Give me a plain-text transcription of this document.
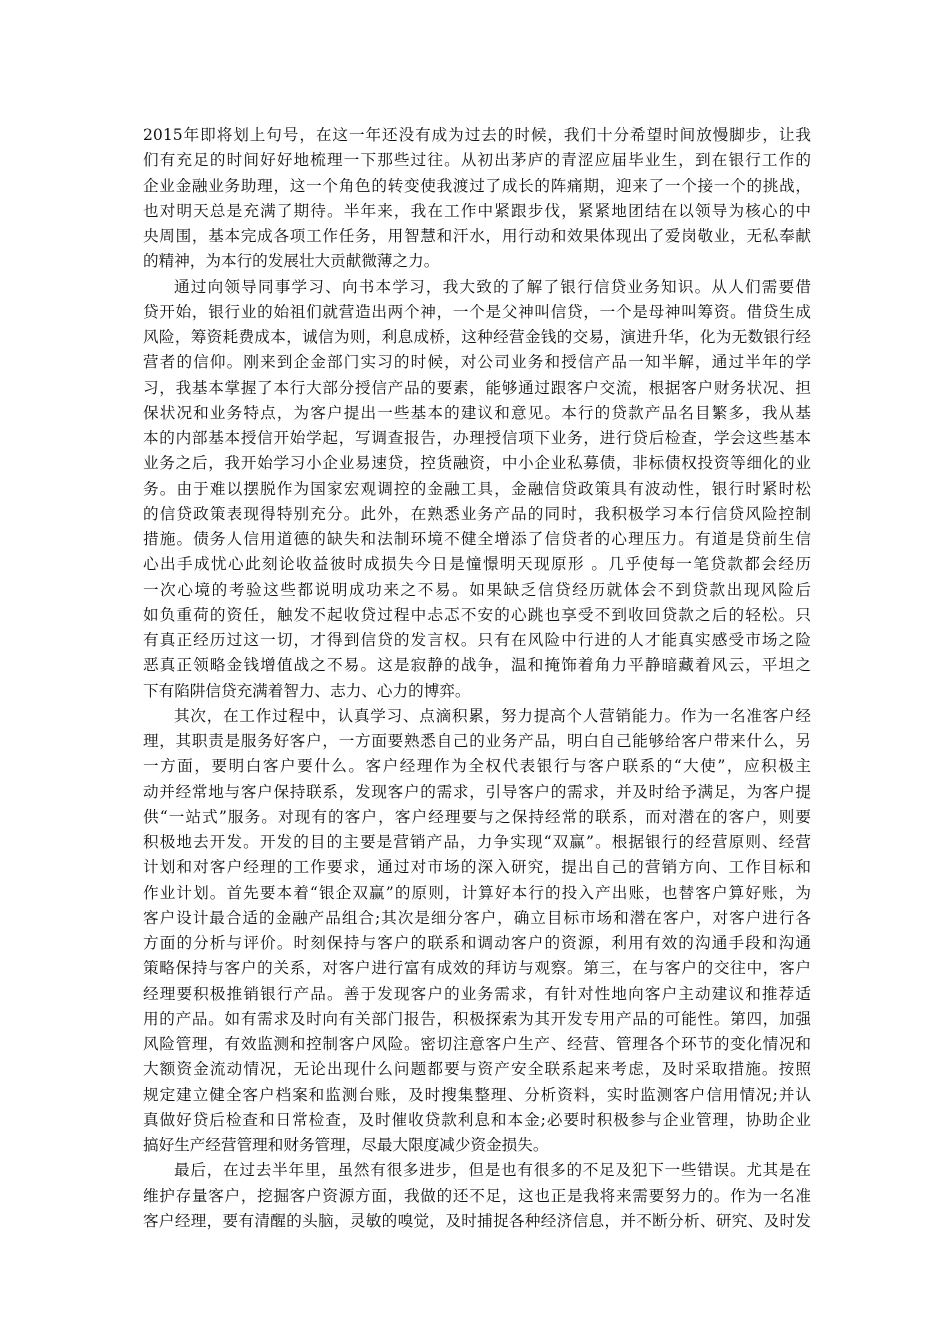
2015年即将划上句号，在这一年还没有成为过去的时候，我们十分希望时间放慢脚步，让我
们有充足的时间好好地梳理一下那些过往。从初出茅庐的青涩应届毕业生，到在银行工作的
企业金融业务助理，这一个角色的转变使我渡过了成长的阵痛期，迎来了一个接一个的挑战，
也对明天总是充满了期待。半年来，我在工作中紧跟步伐，紧紧地团结在以领导为核心的中
央周围，基本完成各项工作任务，用智慧和汗水，用行动和效果体现出了爱岗敬业，无私奉献
的精神，为本行的发展壮大贡献微薄之力。
通过向领导同事学习、向书本学习，我大致的了解了银行信贷业务知识。从人们需要借
贷开始，银行业的始祖们就营造出两个神，一个是父神叫信贷，一个是母神叫筹资。借贷生成
风险，筹资耗费成本，诚信为则，利息成桥，这种经营金钱的交易，演进升华，化为无数银行经
营者的信仰。刚来到企金部门实习的时候，对公司业务和授信产品一知半解，通过半年的学
习，我基本掌握了本行大部分授信产品的要素，能够通过跟客户交流，根据客户财务状况、担
保状况和业务特点，为客户提出一些基本的建议和意见。本行的贷款产品名目繁多，我从基
本的内部基本授信开始学起，写调查报告，办理授信项下业务，进行贷后检查，学会这些基本
业务之后，我开始学习小企业易速贷，控货融资，中小企业私募债，非标债权投资等细化的业
务。由于难以摆脱作为国家宏观调控的金融工具，金融信贷政策具有波动性，银行时紧时松
的信贷政策表现得特别充分。此外，在熟悉业务产品的同时，我积极学习本行信贷风险控制
措施。债务人信用道德的缺失和法制环境不健全增添了信贷者的心理压力。有道是贷前生信
心出手成忧心此刻论收益彼时成损失今日是憧憬明天现原形 。几乎使每一笔贷款都会经历
一次心境的考验这些都说明成功来之不易。如果缺乏信贷经历就体会不到贷款出现风险后
如负重荷的资任，触发不起收贷过程中忐忑不安的心跳也享受不到收回贷款之后的轻松。只
有真正经历过这一切，才得到信贷的发言权。只有在风险中行进的人才能真实感受市场之险
恶真正领略金钱增值战之不易。这是寂静的战争，温和掩饰着角力平静暗藏着风云，平坦之
下有陷阱信贷充满着智力、志力、心力的博弈。
其次，在工作过程中，认真学习、点滴积累，努力提高个人营销能力。作为一名准客户经
理，其职责是服务好客户，一方面要熟悉自己的业务产品，明白自己能够给客户带来什么，另
一方面，要明白客户要什么。客户经理作为全权代表银行与客户联系的“大使”，应积极主
动并经常地与客户保持联系，发现客户的需求，引导客户的需求，并及时给予满足，为客户提
供“一站式”服务。对现有的客户，客户经理要与之保持经常的联系，而对潜在的客户，则要
积极地去开发。开发的目的主要是营销产品，力争实现“双赢”。根据银行的经营原则、经营
计划和对客户经理的工作要求，通过对市场的深入研究，提出自己的营销方向、工作目标和
作业计划。首先要本着“银企双赢”的原则，计算好本行的投入产出账，也替客户算好账，为
客户设计最合适的金融产品组合;其次是细分客户，确立目标市场和潜在客户，对客户进行各
方面的分析与评价。时刻保持与客户的联系和调动客户的资源，利用有效的沟通手段和沟通
策略保持与客户的关系，对客户进行富有成效的拜访与观察。第三，在与客户的交往中，客户
经理要积极推销银行产品。善于发现客户的业务需求，有针对性地向客户主动建议和推荐适
用的产品。如有需求及时向有关部门报告，积极探索为其开发专用产品的可能性。第四，加强
风险管理，有效监测和控制客户风险。密切注意客户生产、经营、管理各个环节的变化情况和
大额资金流动情况，无论出现什么问题都要与资产安全联系起来考虑，及时采取措施。按照
规定建立健全客户档案和监测台账，及时搜集整理、分析资料，实时监测客户信用情况;并认
真做好贷后检查和日常检查，及时催收贷款利息和本金;必要时积极参与企业管理，协助企业
搞好生产经营管理和财务管理，尽最大限度减少资金损失。
最后，在过去半年里，虽然有很多进步，但是也有很多的不足及犯下一些错误。尤其是在
维护存量客户，挖掘客户资源方面，我做的还不足，这也正是我将来需要努力的。作为一名准
客户经理，要有清醒的头脑，灵敏的嗅觉，及时捕捉各种经济信息，并不断分析、研究、及时发
